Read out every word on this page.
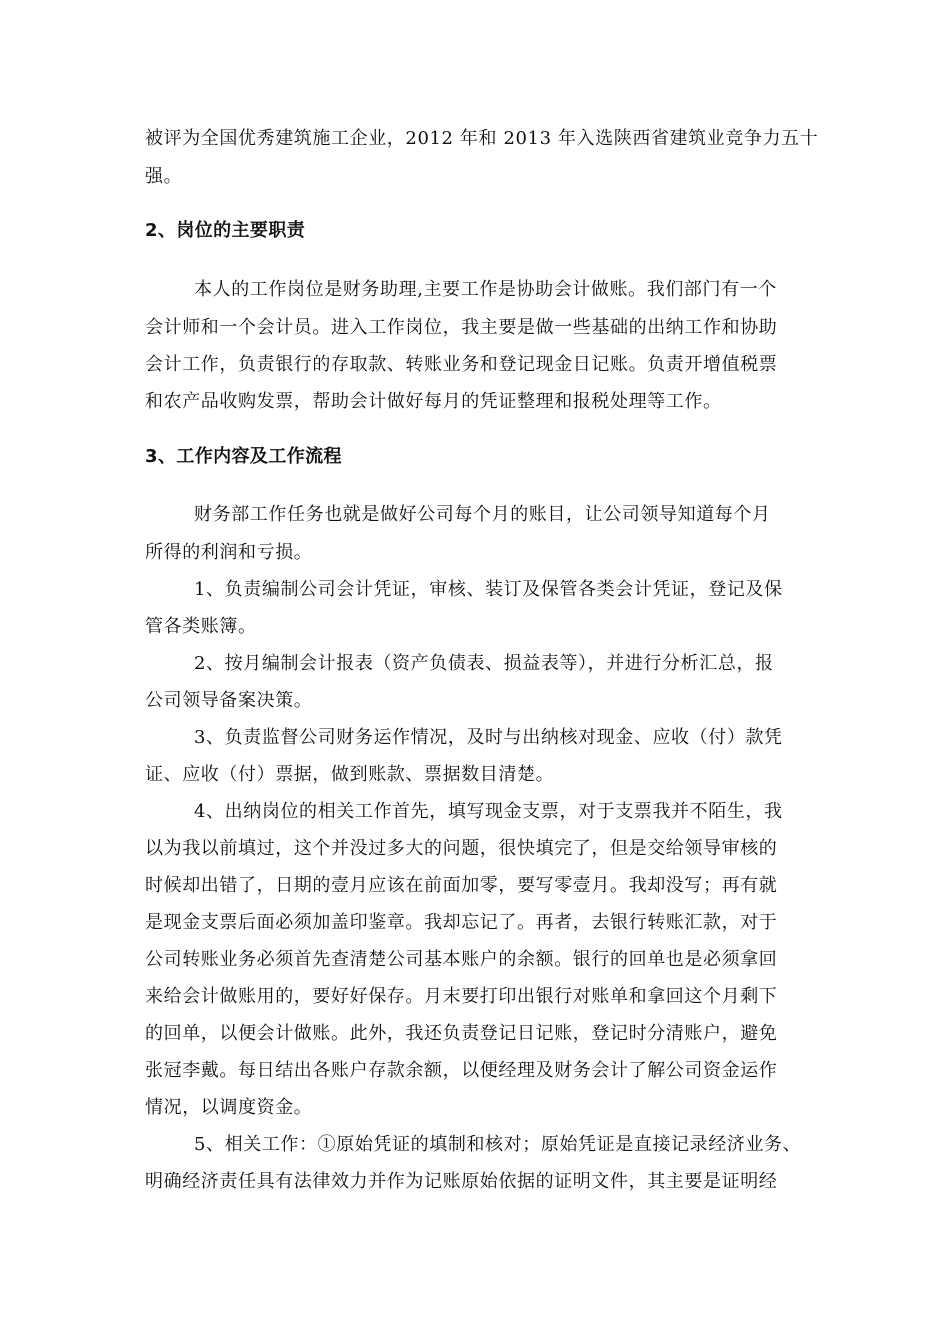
被评为全国优秀建筑施工企业，2012 年和 2013 年入选陕西省建筑业竞争力五十
强。
2、岗位的主要职责
本人的工作岗位是财务助理,主要工作是协助会计做账。我们部门有一个
会计师和一个会计员。进入工作岗位，我主要是做一些基础的出纳工作和协助
会计工作，负责银行的存取款、转账业务和登记现金日记账。负责开增值税票
和农产品收购发票，帮助会计做好每月的凭证整理和报税处理等工作。
3、工作内容及工作流程
财务部工作任务也就是做好公司每个月的账目，让公司领导知道每个月
所得的利润和亏损。
1、负责编制公司会计凭证，审核、装订及保管各类会计凭证，登记及保
管各类账簿。
2、按月编制会计报表（资产负债表、损益表等），并进行分析汇总，报
公司领导备案决策。
3、负责监督公司财务运作情况，及时与出纳核对现金、应收（付）款凭
证、应收（付）票据，做到账款、票据数目清楚。
4、出纳岗位的相关工作首先，填写现金支票，对于支票我并不陌生，我
以为我以前填过，这个并没过多大的问题，很快填完了，但是交给领导审核的
时候却出错了，日期的壹月应该在前面加零，要写零壹月。我却没写；再有就
是现金支票后面必须加盖印鉴章。我却忘记了。再者，去银行转账汇款，对于
公司转账业务必须首先查清楚公司基本账户的余额。银行的回单也是必须拿回
来给会计做账用的，要好好保存。月末要打印出银行对账单和拿回这个月剩下
的回单，以便会计做账。此外，我还负责登记日记账，登记时分清账户，避免
张冠李戴。每日结出各账户存款余额，以便经理及财务会计了解公司资金运作
情况，以调度资金。
5、相关工作：①原始凭证的填制和核对；原始凭证是直接记录经济业务、
明确经济责任具有法律效力并作为记账原始依据的证明文件，其主要是证明经
